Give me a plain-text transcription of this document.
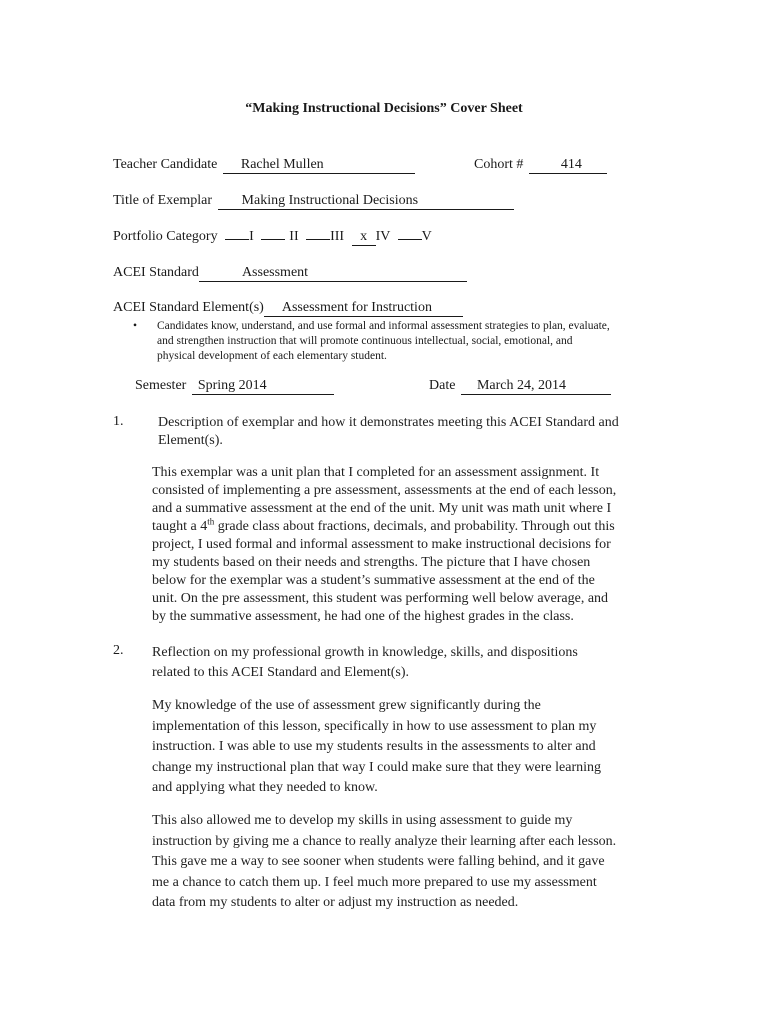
“Making Instructional Decisions” Cover Sheet
Teacher Candidate Rachel Mullen	Cohort #	414
Title of Exemplar Making Instructional Decisions
Portfolio Category I	II III x IV V
ACEI Standard	Assessment
ACEI Standard Element(s) Assessment for Instruction
• Candidates know, understand, and use formal and informal assessment strategies to plan, evaluate,
and strengthen instruction that will promote continuous intellectual, social, emotional, and
physical development of each elementary student.
Semester Spring 2014	Date March 24, 2014
1. Description of exemplar and how it demonstrates meeting this ACEI Standard and
Element(s).
This exemplar was a unit plan that I completed for an assessment assignment. It
consisted of implementing a pre assessment, assessments at the end of each lesson,
and a summative assessment at the end of the unit. My unit was math unit where I
taught a 4th grade class about fractions, decimals, and probability. Through out this
project, I used formal and informal assessment to make instructional decisions for
my students based on their needs and strengths. The picture that I have chosen
below for the exemplar was a student’s summative assessment at the end of the
unit. On the pre assessment, this student was performing well below average, and
by the summative assessment, he had one of the highest grades in the class.
2. Reflection on my professional growth in knowledge, skills, and dispositions
related to this ACEI Standard and Element(s).
My knowledge of the use of assessment grew significantly during the
implementation of this lesson, specifically in how to use assessment to plan my
instruction. I was able to use my students results in the assessments to alter and
change my instructional plan that way I could make sure that they were learning
and applying what they needed to know.
This also allowed me to develop my skills in using assessment to guide my
instruction by giving me a chance to really analyze their learning after each lesson.
This gave me a way to see sooner when students were falling behind, and it gave
me a chance to catch them up. I feel much more prepared to use my assessment
data from my students to alter or adjust my instruction as needed.
